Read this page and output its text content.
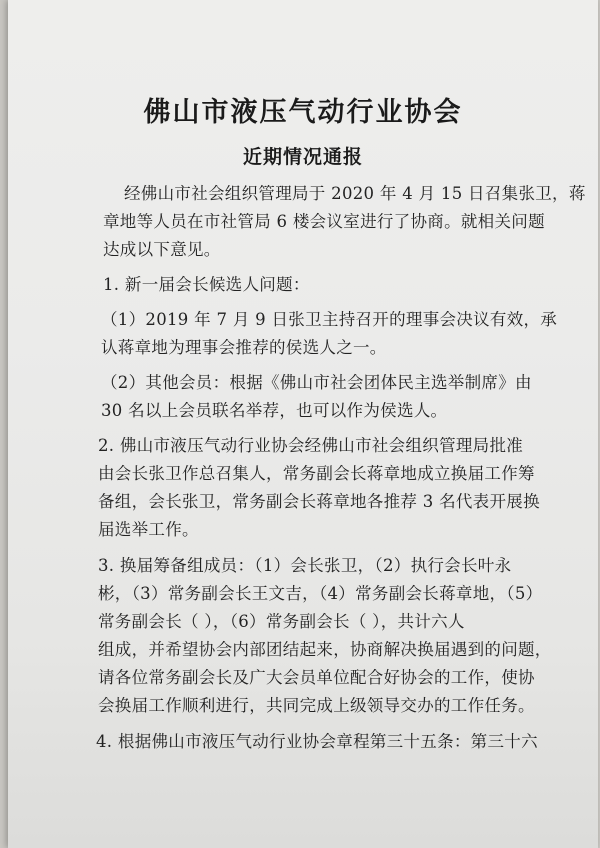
佛山市液压气动行业协会
近期情况通报
经佛山市社会组织管理局于 2020 年 4 月 15 日召集张卫，蒋
章地等人员在市社管局 6 楼会议室进行了协商。就相关问题
达成以下意见。
1. 新一届会长候选人问题：
（1）2019 年 7 月 9 日张卫主持召开的理事会决议有效，承
认蒋章地为理事会推荐的侯选人之一。
（2）其他会员：根据《佛山市社会团体民主选举制席》由
30 名以上会员联名举荐，也可以作为侯选人。
2. 佛山市液压气动行业协会经佛山市社会组织管理局批准
由会长张卫作总召集人，常务副会长蒋章地成立换届工作筹
备组，会长张卫，常务副会长蒋章地各推荐 3 名代表开展换
届选举工作。
3. 换届筹备组成员：（1）会长张卫，（2）执行会长叶永
彬，（3）常务副会长王文吉，（4）常务副会长蒋章地，（5）
常务副会长（ ），（6）常务副会长（ ），共计六人
组成，并希望协会内部团结起来，协商解决换届遇到的问题，
请各位常务副会长及广大会员单位配合好协会的工作，使协
会换届工作顺利进行，共同完成上级领导交办的工作任务。
4. 根据佛山市液压气动行业协会章程第三十五条：第三十六
